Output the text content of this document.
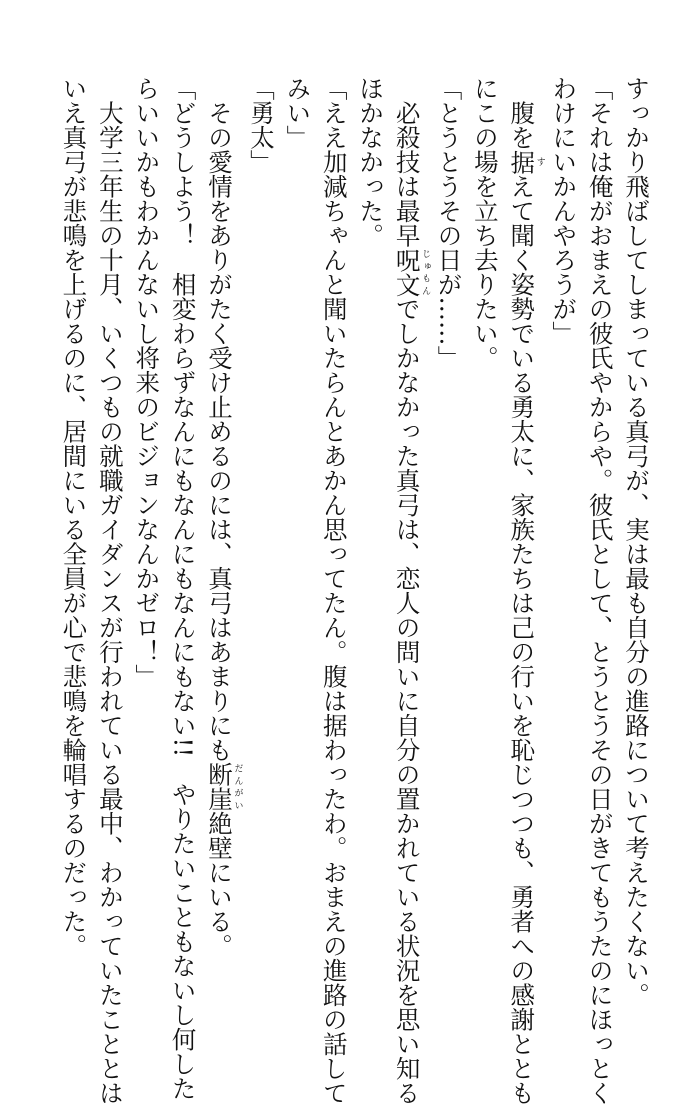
すっかり飛ばしてしまっている真弓が、実は最も自分の進路について考えたくない。
「それは俺がおまえの彼氏やからや。彼氏として、とうとうその日がきてもうたのにほっとく
わけにいかんやろうが」
　腹を据すえて聞く姿勢でいる勇太に、家族たちは己の行いを恥じつつも、勇者への感謝ととも
にこの場を立ち去りたい。
「とうとうその日が……」
　必殺技は最早呪文じゅもんでしかなかった真弓は、恋人の問いに自分の置かれている状況を思い知る
ほかなかった。
「ええ加減ちゃんと聞いたらんとあかん思ってたん。腹は据わったわ。おまえの進路の話して
みい」
「勇太」
　その愛情をありがたく受け止めるのには、真弓はあまりにも断崖だんがい絶壁にいる。
「どうしよう！　相変わらずなんにもなんにもなんにもない!!　やりたいこともないし何した
らいいかもわかんないし将来のビジョンなんかゼロ！」
　大学三年生の十月、いくつもの就職ガイダンスが行われている最中、わかっていたこととは
いえ真弓が悲鳴を上げるのに、居間にいる全員が心で悲鳴を輪唱するのだった。
